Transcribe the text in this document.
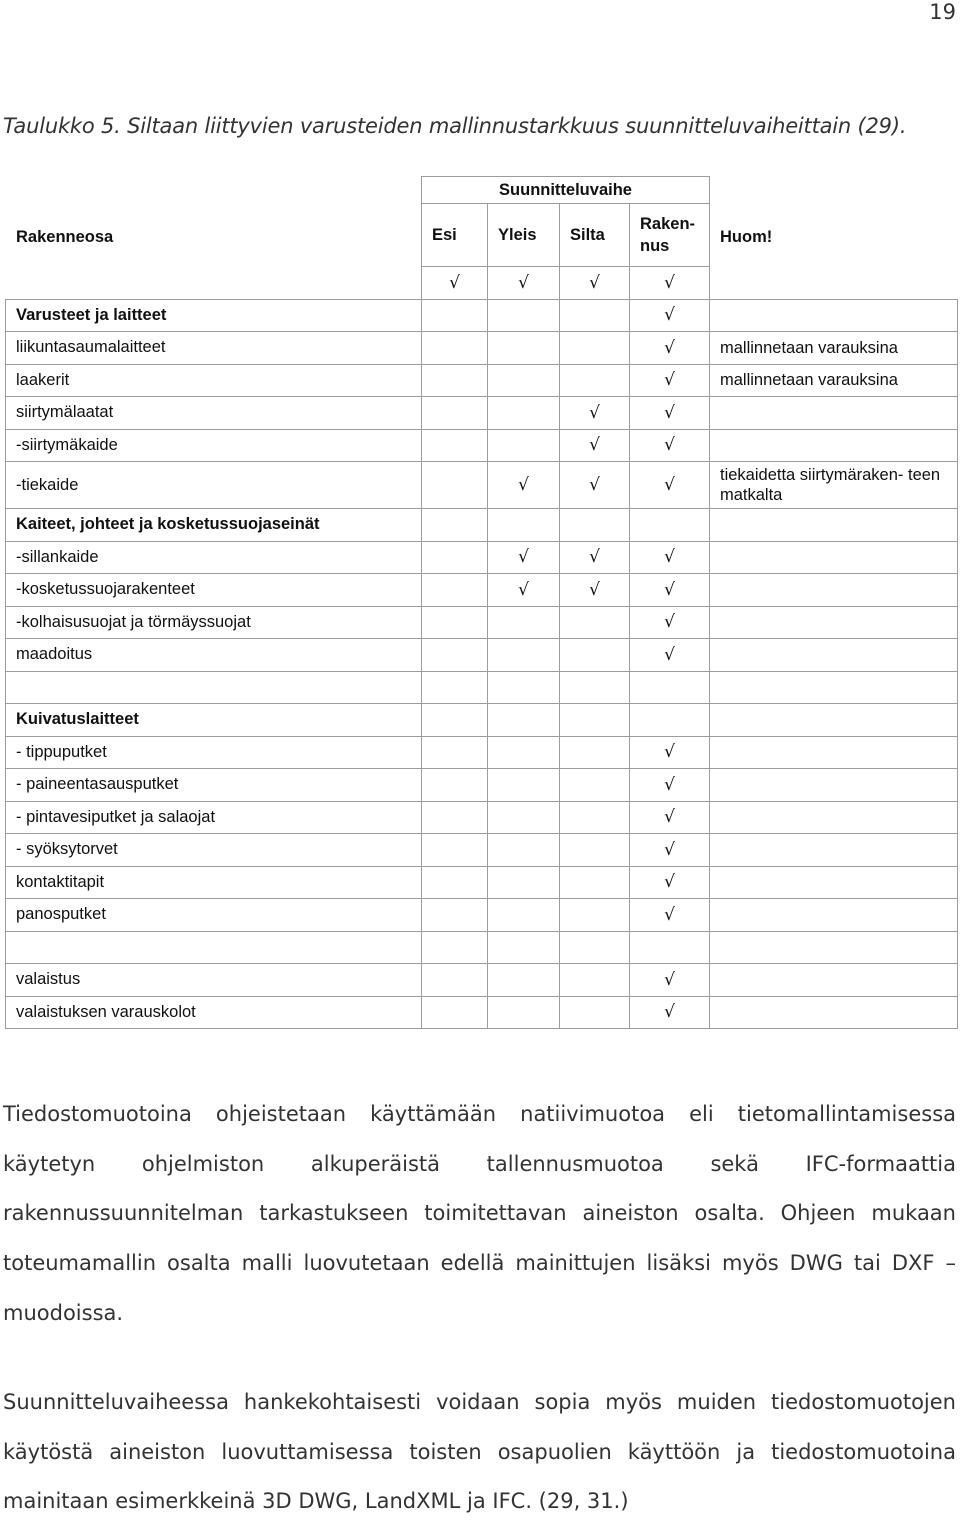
19
Taulukko 5. Siltaan liittyvien varusteiden mallinnustarkkuus suunnitteluvaiheittain (29).
Rakenneosa	Suunnitteluvaihe				Huom!
	Esi	Yleis	Silta	Raken-
nus	
	√	√	√	√	
Varusteet ja laitteet				√	
liikuntasaumalaitteet				√	mallinnetaan varauksina
laakerit				√	mallinnetaan varauksina
siirtymälaatat			√	√	
-siirtymäkaide			√	√	
-tiekaide		√	√	√	tiekaidetta siirtymäraken- teen matkalta
Kaiteet, johteet ja kosketussuojaseinät					
-sillankaide		√	√	√	
-kosketussuojarakenteet		√	√	√	
-kolhaisusuojat ja törmäyssuojat				√	
maadoitus				√	

Kuivatuslaitteet					
- tippuputket				√	
- paineentasausputket				√	
- pintavesiputket ja salaojat				√	
- syöksytorvet				√	
kontaktitapit				√	
panosputket				√	

valaistus				√	
valaistuksen varauskolot				√	
Tiedostomuotoina ohjeistetaan käyttämään natiivimuotoa eli tietomallintamisessa käytetyn ohjelmiston alkuperäistä tallennusmuotoa sekä IFC-formaattia rakennussuunnitelman tarkastukseen toimitettavan aineiston osalta. Ohjeen mukaan toteumamallin osalta malli luovutetaan edellä mainittujen lisäksi myös DWG tai DXF – muodoissa.
Suunnitteluvaiheessa hankekohtaisesti voidaan sopia myös muiden tiedostomuotojen käytöstä aineiston luovuttamisessa toisten osapuolien käyttöön ja tiedostomuotoina mainitaan esimerkkeinä 3D DWG, LandXML ja IFC. (29, 31.)
